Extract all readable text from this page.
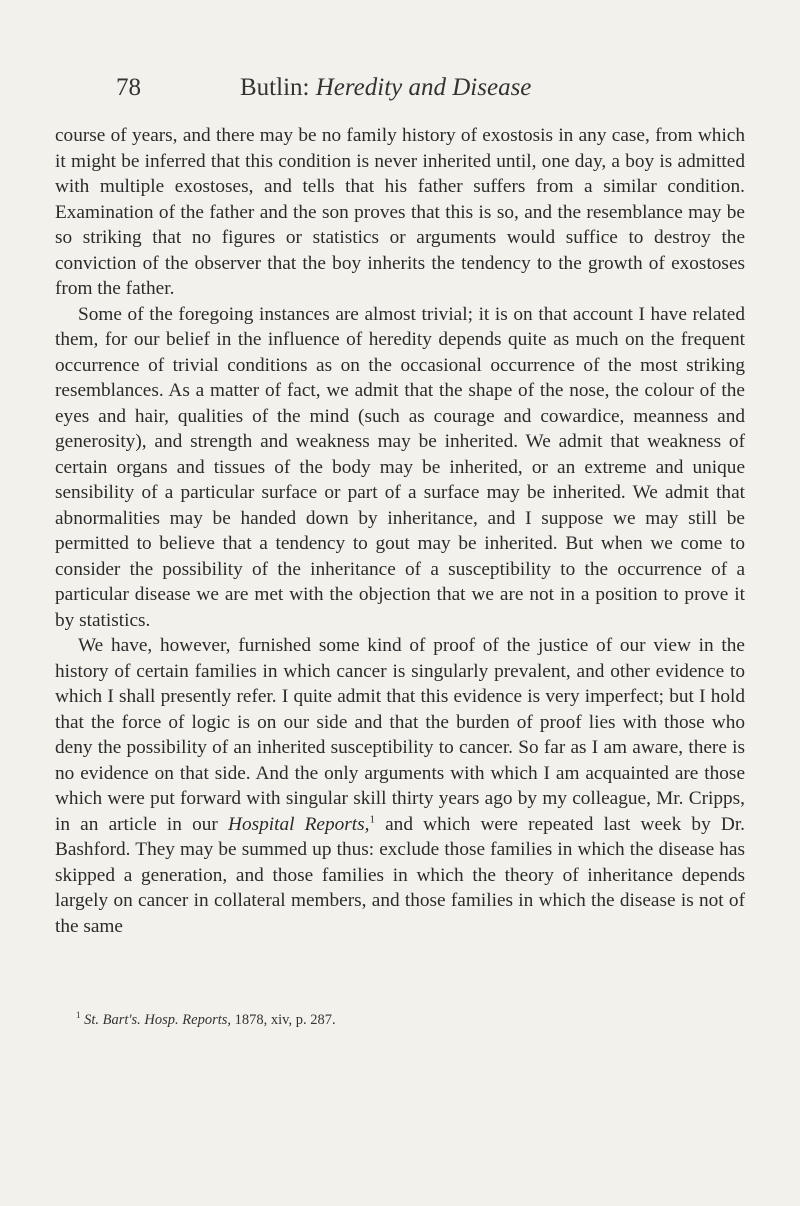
78	Butlin: Heredity and Disease

course of years, and there may be no family history of exostosis in any case, from which it might be inferred that this condition is never inherited until, one day, a boy is admitted with multiple exostoses, and tells that his father suffers from a similar condition. Examination of the father and the son proves that this is so, and the resemblance may be so striking that no figures or statistics or arguments would suffice to destroy the conviction of the observer that the boy inherits the tendency to the growth of exostoses from the father.

Some of the foregoing instances are almost trivial; it is on that account I have related them, for our belief in the influence of heredity depends quite as much on the frequent occurrence of trivial conditions as on the occasional occurrence of the most striking resemblances. As a matter of fact, we admit that the shape of the nose, the colour of the eyes and hair, qualities of the mind (such as courage and cowardice, meanness and generosity), and strength and weakness may be inherited. We admit that weakness of certain organs and tissues of the body may be inherited, or an extreme and unique sensibility of a particular surface or part of a surface may be inherited. We admit that abnormalities may be handed down by inheritance, and I suppose we may still be permitted to believe that a tendency to gout may be inherited. But when we come to consider the possibility of the inheritance of a susceptibility to the occurrence of a particular disease we are met with the objection that we are not in a position to prove it by statistics.

We have, however, furnished some kind of proof of the justice of our view in the history of certain families in which cancer is singularly prevalent, and other evidence to which I shall presently refer. I quite admit that this evidence is very imperfect; but I hold that the force of logic is on our side and that the burden of proof lies with those who deny the possibility of an inherited susceptibility to cancer. So far as I am aware, there is no evidence on that side. And the only arguments with which I am acquainted are those which were put forward with singular skill thirty years ago by my colleague, Mr. Cripps, in an article in our Hospital Reports,$^1$ and which were repeated last week by Dr. Bashford. They may be summed up thus: exclude those families in which the disease has skipped a generation, and those families in which the theory of inheritance depends largely on cancer in collateral members, and those families in which the disease is not of the same

$^1$ St. Bart's. Hosp. Reports, 1878, xiv, p. 287.
